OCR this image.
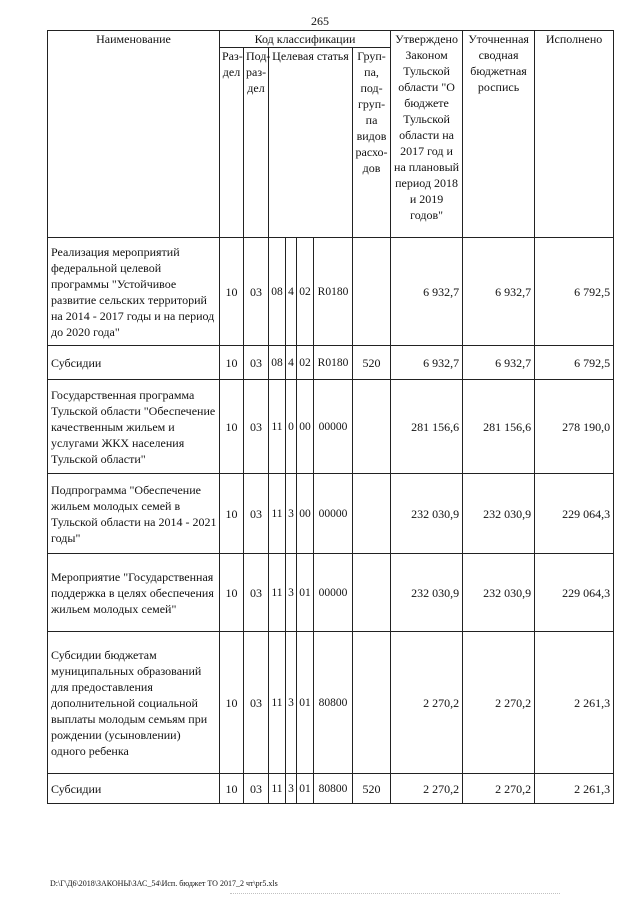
265
Наименование	Код классификации							Утверждено Законом Тульской области "О бюджете Тульской области на 2017 год и на плановый период 2018 и 2019 годов"	Уточненная сводная бюджетная роспись	Исполнено
	Раз-дел	Под-раз-дел	Целевая статья				Груп-па, под-груп-па видов расхо-дов			
Реализация мероприятий федеральной целевой программы "Устойчивое развитие сельских территорий на 2014 - 2017 годы и на период до 2020 года"	10	03	08	4	02	R0180		6 932,7	6 932,7	6 792,5
Субсидии	10	03	08	4	02	R0180	520	6 932,7	6 932,7	6 792,5
Государственная программа Тульской области "Обеспечение качественным жильем и услугами ЖКХ населения Тульской области"	10	03	11	0	00	00000		281 156,6	281 156,6	278 190,0
Подпрограмма "Обеспечение жильем молодых семей в Тульской области на 2014 - 2021 годы"	10	03	11	3	00	00000		232 030,9	232 030,9	229 064,3
Мероприятие "Государственная поддержка в целях обеспечения жильем молодых семей"	10	03	11	3	01	00000		232 030,9	232 030,9	229 064,3
Субсидии бюджетам муниципальных образований для предоставления дополнительной социальной выплаты молодым семьям при рождении (усыновлении) одного ребенка	10	03	11	3	01	80800		2 270,2	2 270,2	2 261,3
Субсидии	10	03	11	3	01	80800	520	2 270,2	2 270,2	2 261,3
D:\Г\Д6\2018\ЗАКОНЫ\ЗАС_54\Исп. бюджет ТО 2017_2 чт\pr5.xls
